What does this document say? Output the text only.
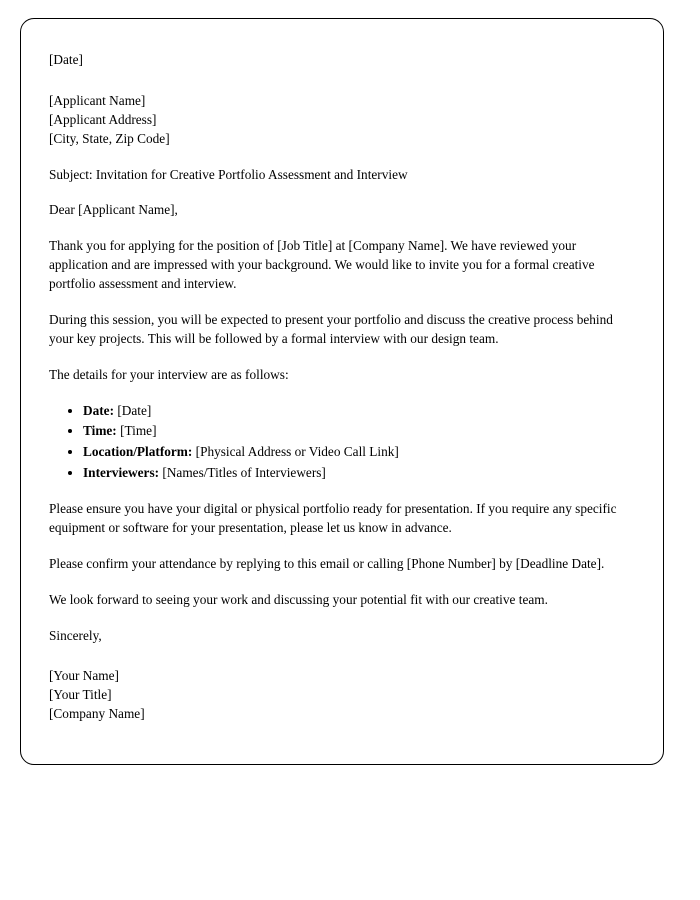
[Date]
[Applicant Name]
[Applicant Address]
[City, State, Zip Code]
Subject: Invitation for Creative Portfolio Assessment and Interview
Dear [Applicant Name],

Thank you for applying for the position of [Job Title] at [Company Name]. We have reviewed your application and are impressed with your background. We would like to invite you for a formal creative portfolio assessment and interview.

During this session, you will be expected to present your portfolio and discuss the creative process behind your key projects. This will be followed by a formal interview with our design team.

The details for your interview are as follows:

• Date: [Date]
• Time: [Time]
• Location/Platform: [Physical Address or Video Call Link]
• Interviewers: [Names/Titles of Interviewers]

Please ensure you have your digital or physical portfolio ready for presentation. If you require any specific equipment or software for your presentation, please let us know in advance.

Please confirm your attendance by replying to this email or calling [Phone Number] by [Deadline Date].

We look forward to seeing your work and discussing your potential fit with our creative team.

Sincerely,
[Your Name]
[Your Title]
[Company Name]
